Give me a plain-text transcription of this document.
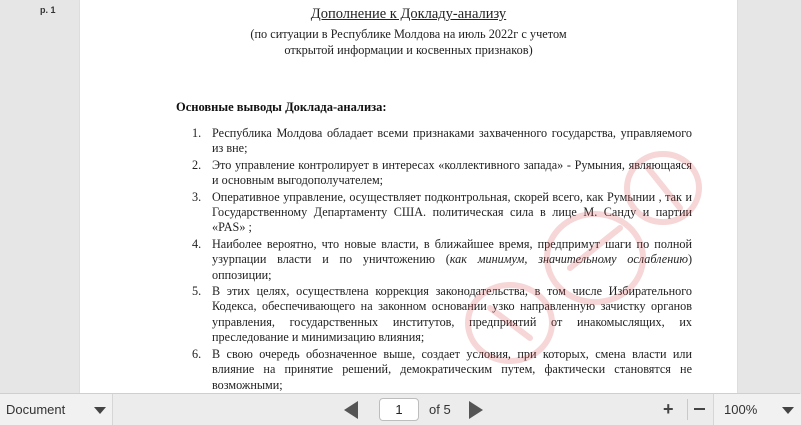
p. 1	Дополнение к Докладу-анализу
(по ситуации в Республике Молдова на июль 2022г с учетом
открытой информации и косвенных признаков)
Основные выводы Доклада-анализа:
1. Республика Молдова обладает всеми признаками захваченного государства, управляемого из вне;
2. Это управление контролирует в интересах «коллективного запада» - Румыния, являющаяся и основным выгодополучателем;
3. Оперативное управление, осуществляет подконтрольная, скорей всего, как Румынии , так и Государственному Департаменту США. политическая сила в лице М. Санду и партии «PAS» ;
4. Наиболее вероятно, что новые власти, в ближайшее время, предпримут шаги по полной узурпации власти и по уничтожению (как минимум, значительному ослаблению) оппозиции;
5. В этих целях, осуществлена коррекция законодательства, в том числе Избирательного Кодекса, обеспечивающего на законном основании узко направленную зачистку органов управления, государственных институтов, предприятий от инакомыслящих, их преследование и минимизацию влияния;
6. В свою очередь обозначенное выше, создает условия, при которых, смена власти или влияние на принятие решений, демократическим путем, фактически становятся не возможными;
Document
1	of 5	+	100%
